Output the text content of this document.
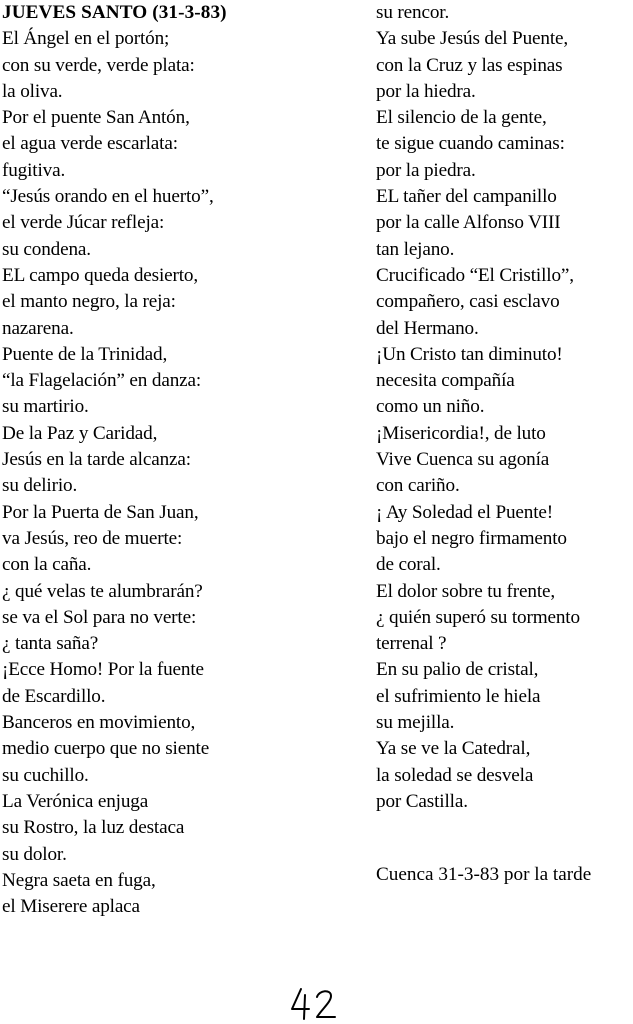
JUEVES SANTO (31-3-83)
El Ángel en el portón;
con su verde, verde plata:
la oliva.
Por el puente San Antón,
el agua verde escarlata:
fugitiva.
“Jesús orando en el huerto”,
el verde Júcar refleja:
su condena.
EL campo queda desierto,
el manto negro, la reja:
nazarena.
Puente de la Trinidad,
“la Flagelación” en danza:
su martirio.
De la Paz y Caridad,
Jesús en la tarde alcanza:
su delirio.
Por la Puerta de San Juan,
va Jesús, reo de muerte:
con la caña.
¿ qué velas te alumbrarán?
se va el Sol para no verte:
¿ tanta saña?
¡Ecce Homo! Por la fuente
de Escardillo.
Banceros en movimiento,
medio cuerpo que no siente
su cuchillo.
La Verónica enjuga
su Rostro, la luz destaca
su dolor.
Negra saeta en fuga,
el Miserere aplaca
su rencor.
Ya sube Jesús del Puente,
con la Cruz y las espinas
por la hiedra.
El silencio de la gente,
te sigue cuando caminas:
por la piedra.
EL tañer del campanillo
por la calle Alfonso VIII
tan lejano.
Crucificado “El Cristillo”,
compañero, casi esclavo
del Hermano.
¡Un Cristo tan diminuto!
necesita compañía
como un niño.
¡Misericordia!, de luto
Vive Cuenca su agonía
con cariño.
¡ Ay Soledad el Puente!
bajo el negro firmamento
de coral.
El dolor sobre tu frente,
¿ quién superó su tormento
terrenal ?
En su palio de cristal,
el sufrimiento le hiela
su mejilla.
Ya se ve la Catedral,
la soledad se desvela
por Castilla.
Cuenca 31-3-83 por la tarde
